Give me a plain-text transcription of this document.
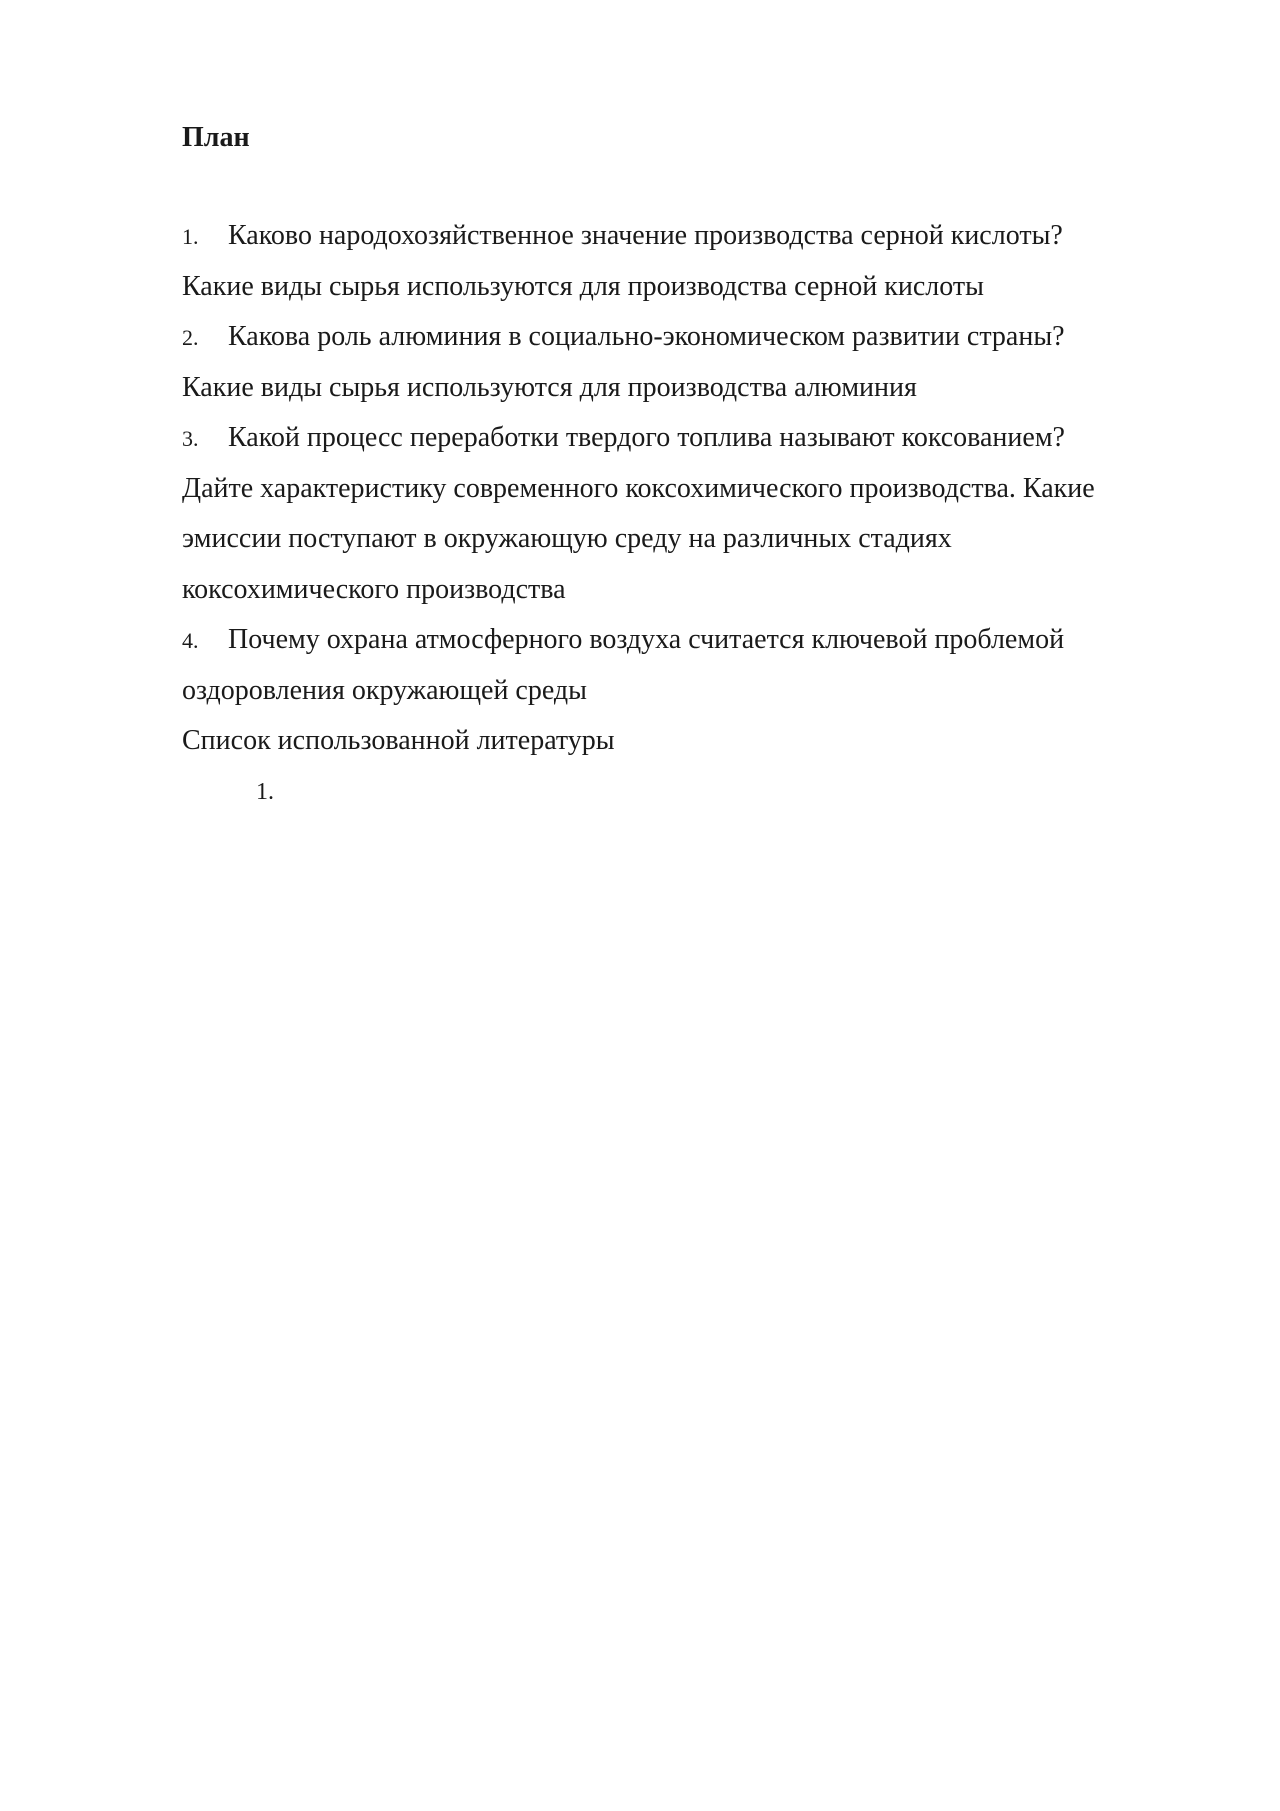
План
1. Каково народохозяйственное значение производства серной кислоты?
Какие виды сырья используются для производства серной кислоты
2. Какова роль алюминия в социально-экономическом развитии страны?
Какие виды сырья используются для производства алюминия
3. Какой процесс переработки твердого топлива называют коксованием?
Дайте характеристику современного коксохимического производства. Какие
эмиссии поступают в окружающую среду на различных стадиях
коксохимического производства
4. Почему охрана атмосферного воздуха считается ключевой проблемой
оздоровления окружающей среды
Список использованной литературы
1.
